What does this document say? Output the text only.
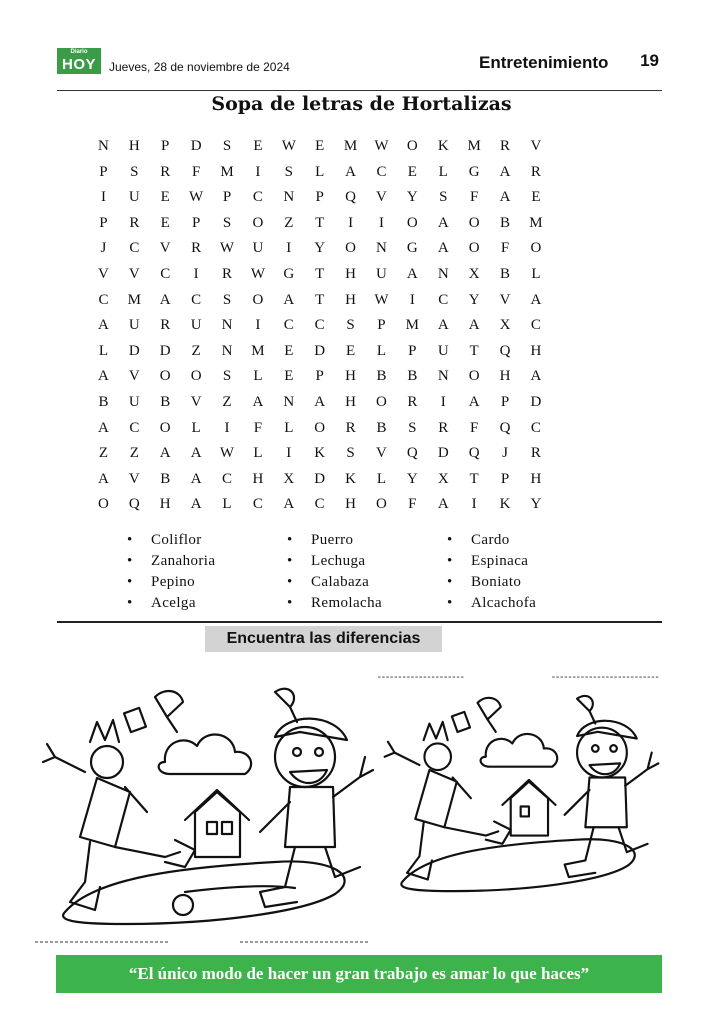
Diario
HOY	Jueves, 28 de noviembre de 2024	Entretenimiento 19
Sopa de letras de Hortalizas
N	H	P	D	S	E	W	E	M	W	O	K	M	R	V
P	S	R	F	M	I	S	L	A	C	E	L	G	A	R
I	U	E	W	P	C	N	P	Q	V	Y	S	F	A	E
P	R	E	P	S	O	Z	T	I	I	O	A	O	B	M
J	C	V	R	W	U	I	Y	O	N	G	A	O	F	O
V	V	C	I	R	W	G	T	H	U	A	N	X	B	L
C	M	A	C	S	O	A	T	H	W	I	C	Y	V	A
A	U	R	U	N	I	C	C	S	P	M	A	A	X	C
L	D	D	Z	N	M	E	D	E	L	P	U	T	Q	H
A	V	O	O	S	L	E	P	H	B	B	N	O	H	A
B	U	B	V	Z	A	N	A	H	O	R	I	A	P	D
A	C	O	L	I	F	L	O	R	B	S	R	F	Q	C
Z	Z	A	A	W	L	I	K	S	V	Q	D	Q	J	R
A	V	B	A	C	H	X	D	K	L	Y	X	T	P	H
O	Q	H	A	L	C	A	C	H	O	F	A	I	K	Y
• Coliflor
• Zanahoria
• Pepino
• Acelga
• Puerro
• Lechuga
• Calabaza
• Remolacha
• Cardo
• Espinaca
• Boniato
• Alcachofa
Encuentra las diferencias
“El único modo de hacer un gran trabajo es amar lo que haces”
